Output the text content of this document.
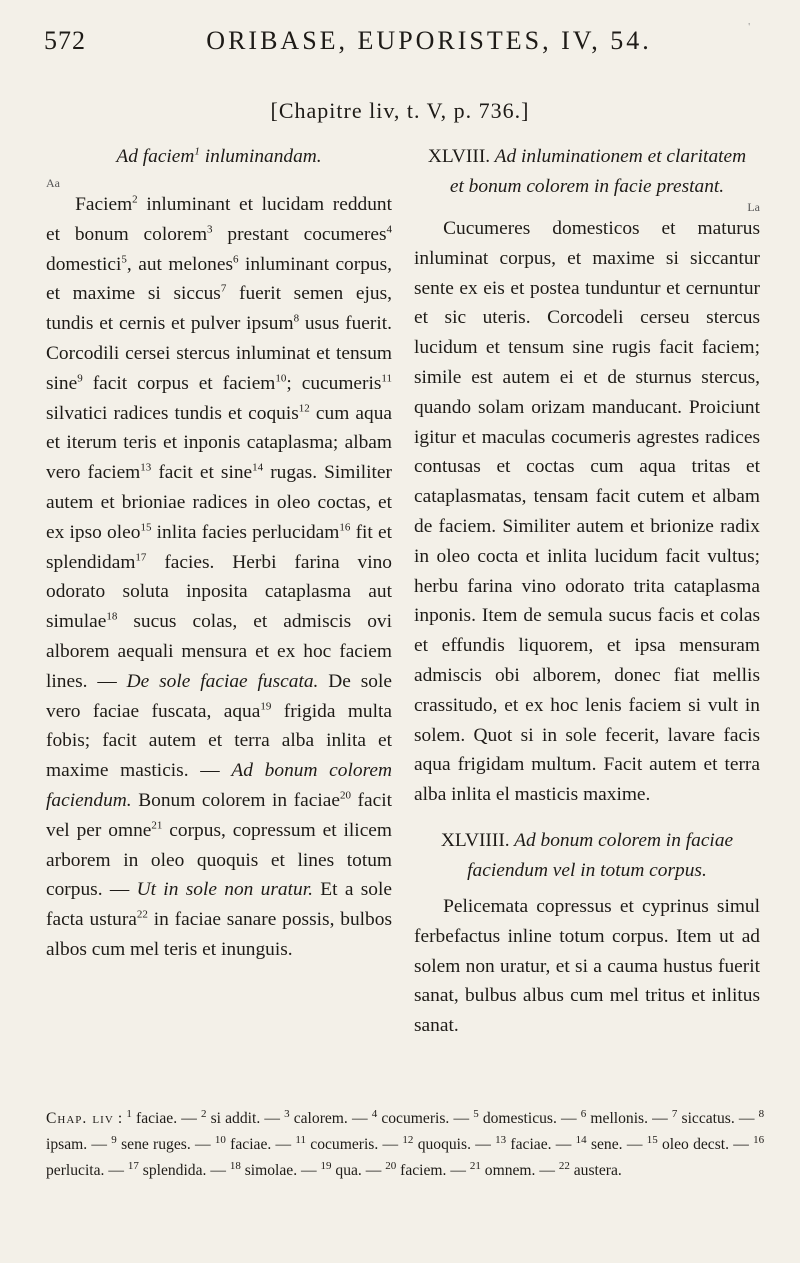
572	ORIBASE, EUPORISTES, IV, 54.	'
[Chapitre liv, t. V, p. 736.]
Ad faciem$^1$ inluminandam.
Aa

Faciem$^2$ inluminant et lucidam reddunt et bonum colorem$^3$ prestant cocumeres$^4$ domestici$^5$, aut melones$^6$ inluminant corpus, et maxime si siccus$^7$ fuerit semen ejus, tundis et cernis et pulver ipsum$^8$ usus fuerit. Corcodili cersei stercus inluminat et tensum sine$^9$ facit corpus et faciem$^{10}$; cucumeris$^{11}$ silvatici radices tundis et coquis$^{12}$ cum aqua et iterum teris et inponis cataplasma; albam vero faciem$^{13}$ facit et sine$^{14}$ rugas. Similiter autem et brioniae radices in oleo coctas, et ex ipso oleo$^{15}$ inlita facies perlucidam$^{16}$ fit et splendidam$^{17}$ facies. Herbi farina vino odorato soluta inposita cataplasma aut simulae$^{18}$ sucus colas, et admiscis ovi alborem aequali mensura et ex hoc faciem lines. — De sole faciae fuscata. De sole vero faciae fuscata, aqua$^{19}$ frigida multa fobis; facit autem et terra alba inlita et maxime masticis. — Ad bonum colorem faciendum. Bonum colorem in faciae$^{20}$ facit vel per omne$^{21}$ corpus, copressum et ilicem arborem in oleo quoquis et lines totum corpus. — Ut in sole non uratur. Et a sole facta ustura$^{22}$ in faciae sanare possis, bulbos albos cum mel teris et inunguis.

XLVIII. Ad inluminationem et claritatem
et bonum colorem in facie prestant.
La

Cucumeres domesticos et maturus inluminat corpus, et maxime si siccantur sente ex eis et postea tunduntur et cernuntur et sic uteris. Corcodeli cerseu stercus lucidum et tensum sine rugis facit faciem; simile est autem ei et de sturnus stercus, quando solam orizam manducant. Proiciunt igitur et maculas cocumeris agrestes radices contusas et coctas cum aqua tritas et cataplasmatas, tensam facit cutem et albam de faciem. Similiter autem et brionize radix in oleo cocta et inlita lucidum facit vultus; herbu farina vino odorato trita cataplasma inponis. Item de semula sucus facis et colas et effundis liquorem, et ipsa mensuram admiscis obi alborem, donec fiat mellis crassitudo, et ex hoc lenis faciem si vult in solem. Quot si in sole fecerit, lavare facis aqua frigidam multum. Facit autem et terra alba inlita el masticis maxime.

XLVIIII. Ad bonum colorem in faciae
faciendum vel in totum corpus.

Pelicemata copressus et cyprinus simul ferbefactus inline totum corpus. Item ut ad solem non uratur, et si a cauma hustus fuerit sanat, bulbus albus cum mel tritus et inlitus sanat.

Chap. liv : $^1$ faciae. — $^2$ si addit. — $^3$ calorem. — $^4$ cocumeris. — $^5$ domesticus. — $^6$ mellonis. — $^7$ siccatus. — $^8$ ipsam. — $^9$ sene ruges. — $^{10}$ faciae. — $^{11}$ cocumeris. — $^{12}$ quoquis. — $^{13}$ faciae. — $^{14}$ sene. — $^{15}$ oleo decst. — $^{16}$ perlucita. — $^{17}$ splendida. — $^{18}$ simolae. — $^{19}$ qua. — $^{20}$ faciem. — $^{21}$ omnem. — $^{22}$ austera.
